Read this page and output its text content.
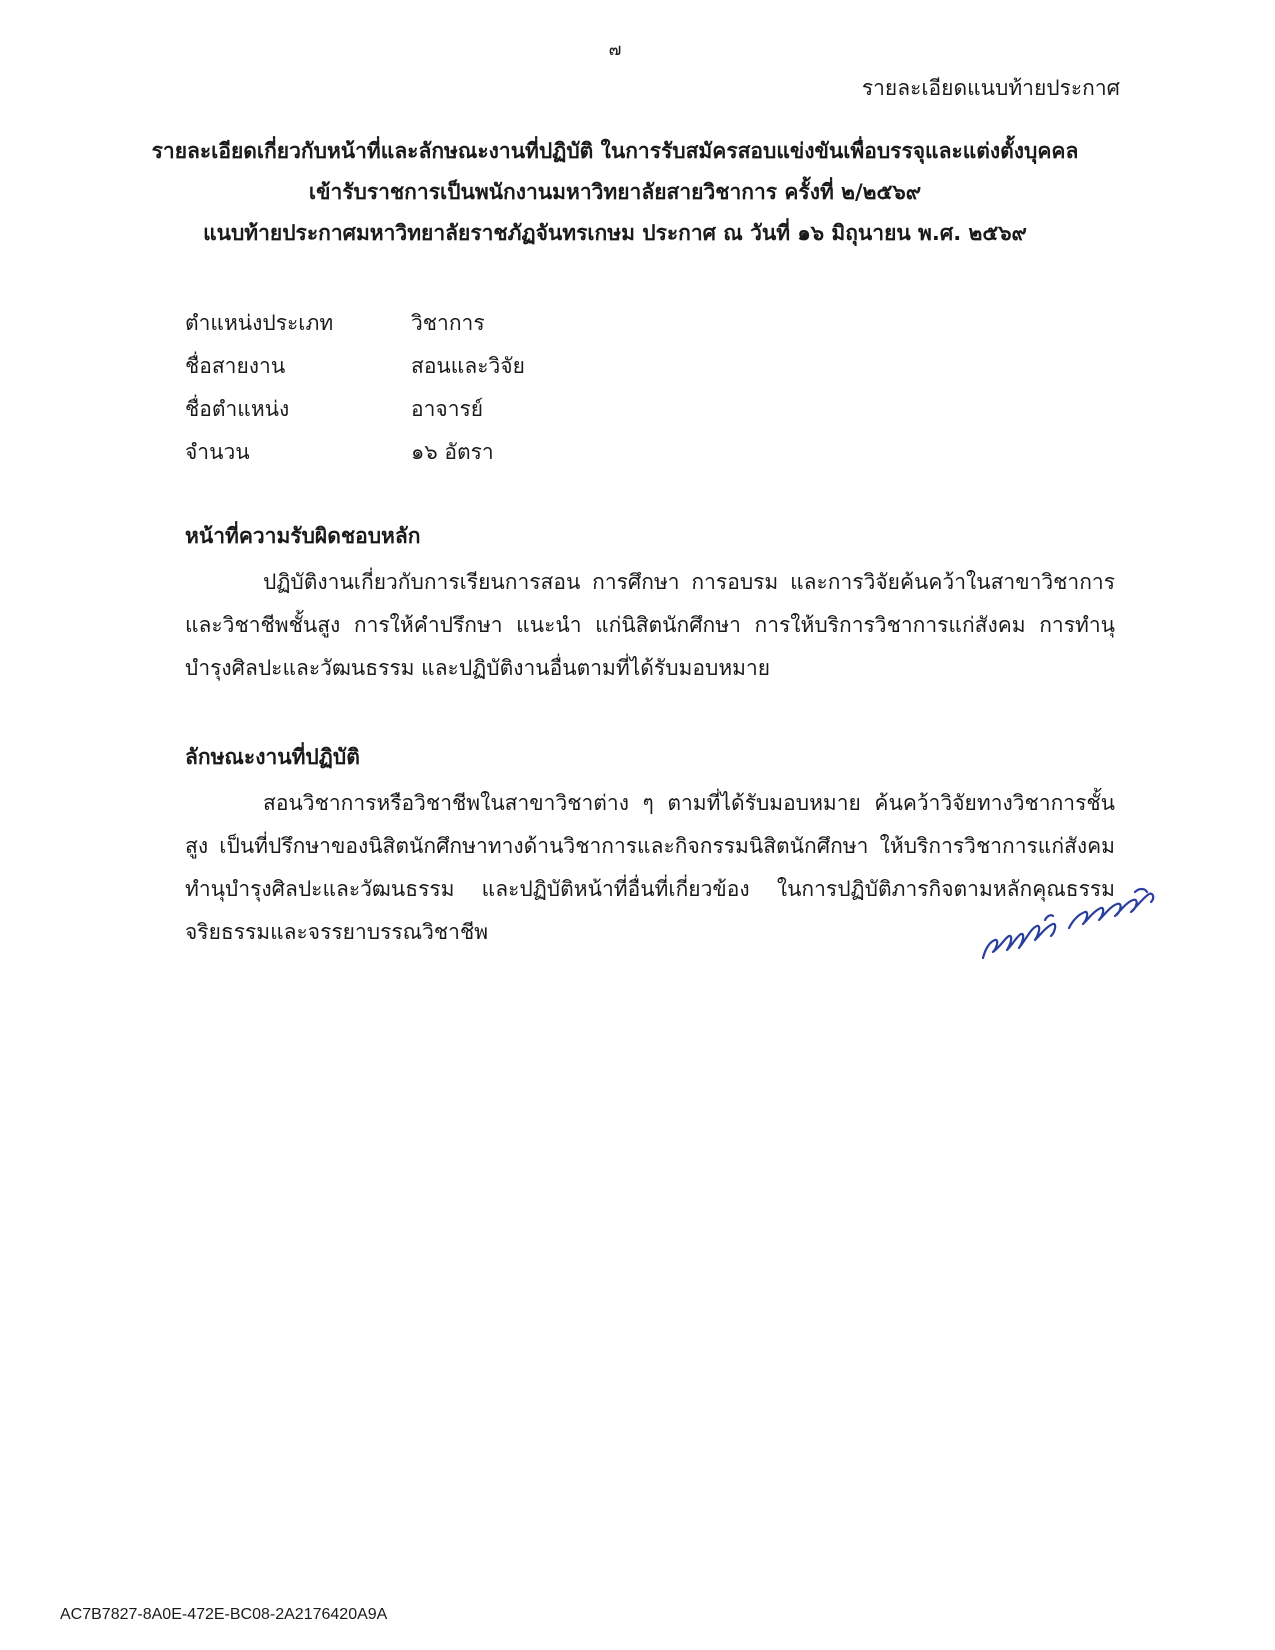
๗
รายละเอียดแนบท้ายประกาศ
รายละเอียดเกี่ยวกับหน้าที่และลักษณะงานที่ปฏิบัติ ในการรับสมัครสอบแข่งขันเพื่อบรรจุและแต่งตั้งบุคคล
เข้ารับราชการเป็นพนักงานมหาวิทยาลัยสายวิชาการ ครั้งที่ ๒/๒๕๖๙
แนบท้ายประกาศมหาวิทยาลัยราชภัฏจันทรเกษม ประกาศ ณ วันที่ ๑๖ มิถุนายน พ.ศ. ๒๕๖๙
ตำแหน่งประเภท	วิชาการ
ชื่อสายงาน	สอนและวิจัย
ชื่อตำแหน่ง	อาจารย์
จำนวน	๑๖ อัตรา
หน้าที่ความรับผิดชอบหลัก
ปฏิบัติงานเกี่ยวกับการเรียนการสอน การศึกษา การอบรม และการวิจัยค้นคว้าในสาขาวิชาการและวิชาชีพชั้นสูง การให้คำปรึกษา แนะนำ แก่นิสิตนักศึกษา การให้บริการวิชาการแก่สังคม การทำนุบำรุงศิลปะและวัฒนธรรม และปฏิบัติงานอื่นตามที่ได้รับมอบหมาย
ลักษณะงานที่ปฏิบัติ
สอนวิชาการหรือวิชาชีพในสาขาวิชาต่าง ๆ ตามที่ได้รับมอบหมาย ค้นคว้าวิจัยทางวิชาการชั้นสูง เป็นที่ปรึกษาของนิสิตนักศึกษาทางด้านวิชาการและกิจกรรมนิสิตนักศึกษา ให้บริการวิชาการแก่สังคม ทำนุบำรุงศิลปะและวัฒนธรรม และปฏิบัติหน้าที่อื่นที่เกี่ยวข้อง ในการปฏิบัติภารกิจตามหลักคุณธรรม จริยธรรมและจรรยาบรรณวิชาชีพ
AC7B7827-8A0E-472E-BC08-2A2176420A9A
